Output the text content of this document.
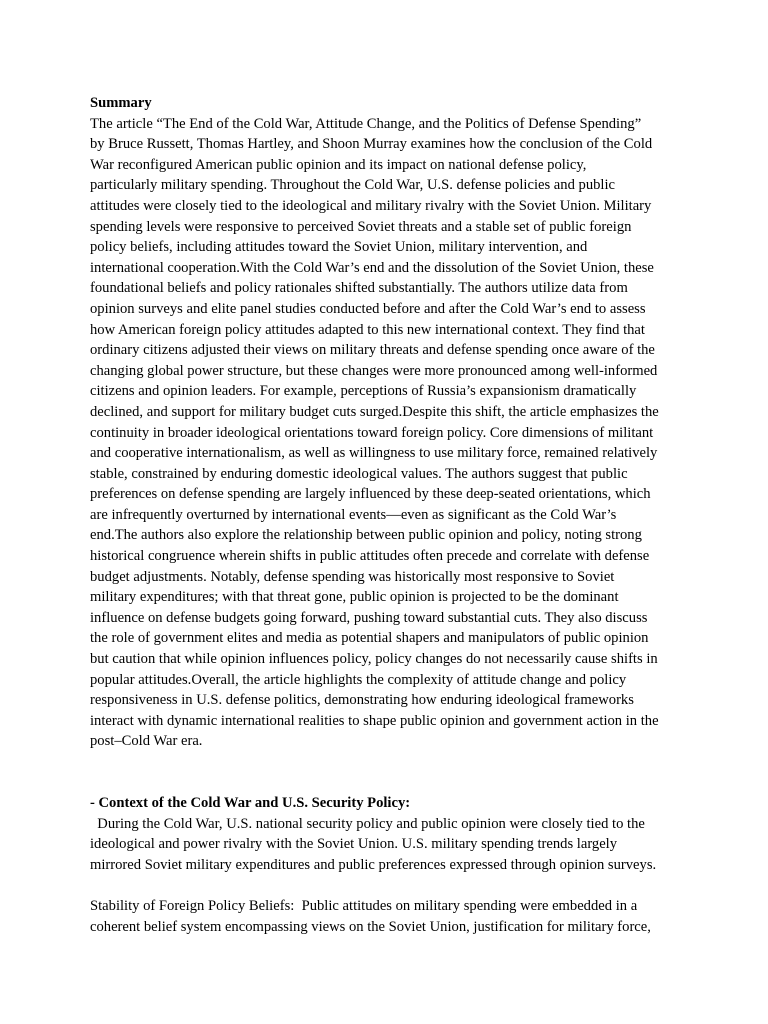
Summary
The article “The End of the Cold War, Attitude Change, and the Politics of Defense Spending”
by Bruce Russett, Thomas Hartley, and Shoon Murray examines how the conclusion of the Cold
War reconfigured American public opinion and its impact on national defense policy,
particularly military spending. Throughout the Cold War, U.S. defense policies and public
attitudes were closely tied to the ideological and military rivalry with the Soviet Union. Military
spending levels were responsive to perceived Soviet threats and a stable set of public foreign
policy beliefs, including attitudes toward the Soviet Union, military intervention, and
international cooperation.With the Cold War’s end and the dissolution of the Soviet Union, these
foundational beliefs and policy rationales shifted substantially. The authors utilize data from
opinion surveys and elite panel studies conducted before and after the Cold War’s end to assess
how American foreign policy attitudes adapted to this new international context. They find that
ordinary citizens adjusted their views on military threats and defense spending once aware of the
changing global power structure, but these changes were more pronounced among well-informed
citizens and opinion leaders. For example, perceptions of Russia’s expansionism dramatically
declined, and support for military budget cuts surged.Despite this shift, the article emphasizes the
continuity in broader ideological orientations toward foreign policy. Core dimensions of militant
and cooperative internationalism, as well as willingness to use military force, remained relatively
stable, constrained by enduring domestic ideological values. The authors suggest that public
preferences on defense spending are largely influenced by these deep-seated orientations, which
are infrequently overturned by international events—even as significant as the Cold War’s
end.The authors also explore the relationship between public opinion and policy, noting strong
historical congruence wherein shifts in public attitudes often precede and correlate with defense
budget adjustments. Notably, defense spending was historically most responsive to Soviet
military expenditures; with that threat gone, public opinion is projected to be the dominant
influence on defense budgets going forward, pushing toward substantial cuts. They also discuss
the role of government elites and media as potential shapers and manipulators of public opinion
but caution that while opinion influences policy, policy changes do not necessarily cause shifts in
popular attitudes.Overall, the article highlights the complexity of attitude change and policy
responsiveness in U.S. defense politics, demonstrating how enduring ideological frameworks
interact with dynamic international realities to shape public opinion and government action in the
post–Cold War era.
- Context of the Cold War and U.S. Security Policy:
During the Cold War, U.S. national security policy and public opinion were closely tied to the
ideological and power rivalry with the Soviet Union. U.S. military spending trends largely
mirrored Soviet military expenditures and public preferences expressed through opinion surveys.
Stability of Foreign Policy Beliefs:  Public attitudes on military spending were embedded in a
coherent belief system encompassing views on the Soviet Union, justification for military force,
